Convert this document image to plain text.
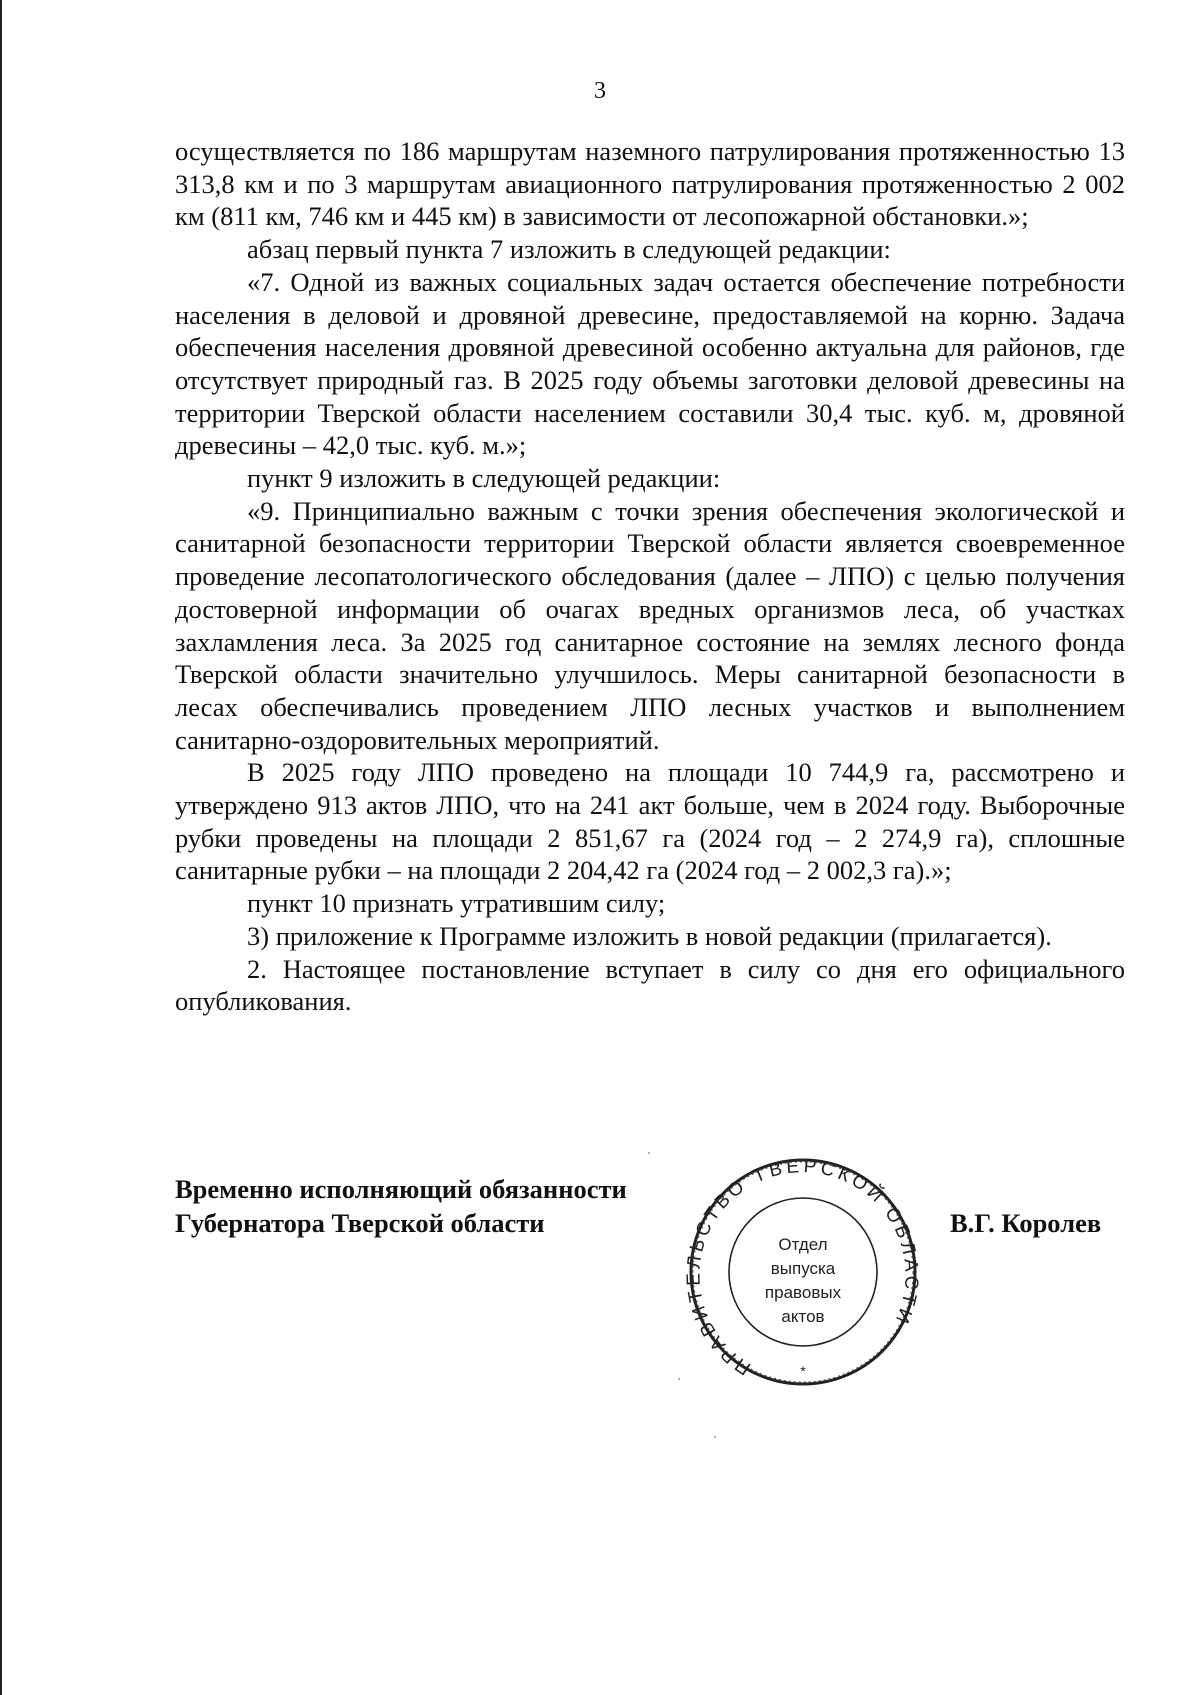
3

осуществляется по 186 маршрутам наземного патрулирования протяженностью 13 313,8 км и по 3 маршрутам авиационного патрулирования протяженностью 2 002 км (811 км, 746 км и 445 км) в зависимости от лесопожарной обстановки.»;

абзац первый пункта 7 изложить в следующей редакции:

«7. Одной из важных социальных задач остается обеспечение потребности населения в деловой и дровяной древесине, предоставляемой на корню. Задача обеспечения населения дровяной древесиной особенно актуальна для районов, где отсутствует природный газ. В 2025 году объемы заготовки деловой древесины на территории Тверской области населением составили 30,4 тыс. куб. м, дровяной древесины – 42,0 тыс. куб. м.»;

пункт 9 изложить в следующей редакции:

«9. Принципиально важным с точки зрения обеспечения экологической и санитарной безопасности территории Тверской области является своевременное проведение лесопатологического обследования (далее – ЛПО) с целью получения достоверной информации об очагах вредных организмов леса, об участках захламления леса. За 2025 год санитарное состояние на землях лесного фонда Тверской области значительно улучшилось. Меры санитарной безопасности в лесах обеспечивались проведением ЛПО лесных участков и выполнением санитарно-оздоровительных мероприятий.

В 2025 году ЛПО проведено на площади 10 744,9 га, рассмотрено и утверждено 913 актов ЛПО, что на 241 акт больше, чем в 2024 году. Выборочные рубки проведены на площади 2 851,67 га (2024 год – 2 274,9 га), сплошные санитарные рубки – на площади 2 204,42 га (2024 год – 2 002,3 га).»;

пункт 10 признать утратившим силу;

3) приложение к Программе изложить в новой редакции (прилагается).

2. Настоящее постановление вступает в силу со дня его официального опубликования.

Временно исполняющий обязанности
Губернатора Тверской области	В.Г. Королев
ПРАВИТЕЛЬСТВО ТВЕРСКОЙ ОБЛАСТИ
Отдел
выпуска
правовых
актов
*
